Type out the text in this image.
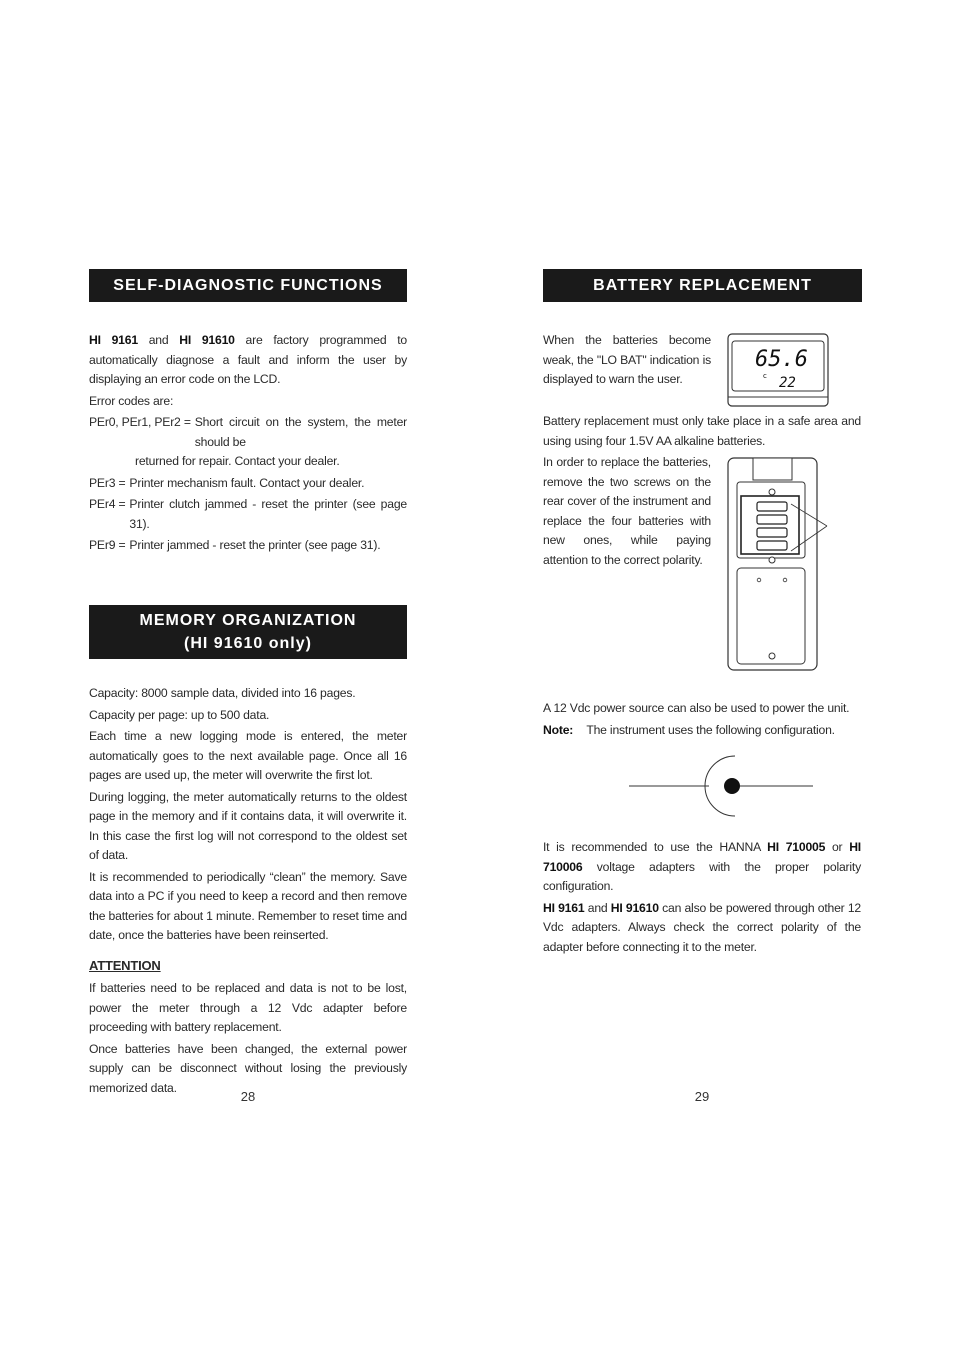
SELF-DIAGNOSTIC FUNCTIONS

HI 9161 and HI 91610 are factory programmed to automatically diagnose a fault and inform the user by displaying an error code on the LCD.

Error codes are:

PEr0, PEr1, PEr2 = Short circuit on the system, the meter should be

returned for repair. Contact your dealer.

PEr3 = Printer mechanism fault. Contact your dealer.
PEr4 = Printer clutch jammed - reset the printer (see page 31).
PEr9 = Printer jammed - reset the printer (see page 31).
MEMORY ORGANIZATION
(HI 91610 only)

Capacity: 8000 sample data, divided into 16 pages.

Capacity per page: up to 500 data.

Each time a new logging mode is entered, the meter automatically goes to the next available page. Once all 16 pages are used up, the meter will overwrite the first lot.

During logging, the meter automatically returns to the oldest page in the memory and if it contains data, it will overwrite it. In this case the first log will not correspond to the oldest set of data.

It is recommended to periodically “clean” the memory. Save data into a PC if you need to keep a record and then remove the batteries for about 1 minute. Remember to reset time and date, once the batteries have been reinserted.

ATTENTION

If batteries need to be replaced and data is not to be lost, power the meter through a 12 Vdc adapter before proceeding with battery replacement.

Once batteries have been changed, the external power supply can be disconnect without losing the previously memorized data.

28
BATTERY REPLACEMENT
When the batteries become weak, the "LO BAT" indication is displayed to warn the user.
65.6
c 22
Battery replacement must only take place in a safe area and using using four 1.5V AA alkaline batteries.
In order to replace the batteries, remove the two screws on the rear cover of the instrument and replace the four batteries with new ones, while paying attention to the correct polarity.

A 12 Vdc power source can also be used to power the unit.

Note: The instrument uses the following configuration.

It is recommended to use the HANNA HI 710005 or HI 710006 voltage adapters with the proper polarity configuration.

HI 9161 and HI 91610 can also be powered through other 12 Vdc adapters. Always check the correct polarity of the adapter before connecting it to the meter.

29
